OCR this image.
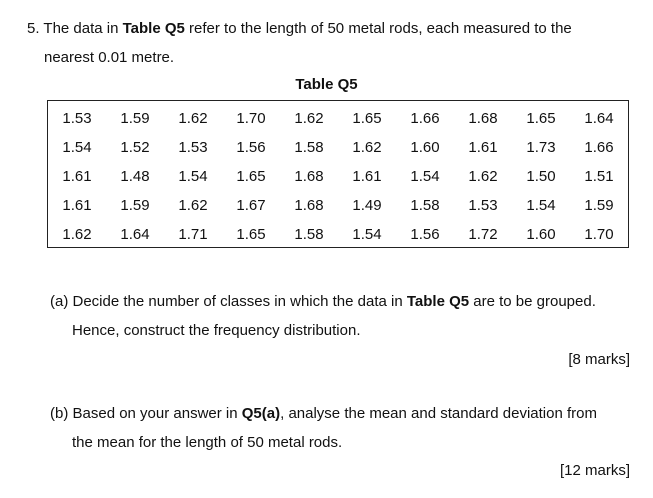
5. The data in Table Q5 refer to the length of 50 metal rods, each measured to the
nearest 0.01 metre.
Table Q5
1.53	1.59	1.62	1.70	1.62	1.65	1.66	1.68	1.65	1.64
1.54	1.52	1.53	1.56	1.58	1.62	1.60	1.61	1.73	1.66
1.61	1.48	1.54	1.65	1.68	1.61	1.54	1.62	1.50	1.51
1.61	1.59	1.62	1.67	1.68	1.49	1.58	1.53	1.54	1.59
1.62	1.64	1.71	1.65	1.58	1.54	1.56	1.72	1.60	1.70
(a) Decide the number of classes in which the data in Table Q5 are to be grouped.
Hence, construct the frequency distribution.
[8 marks]
(b) Based on your answer in Q5(a), analyse the mean and standard deviation from
the mean for the length of 50 metal rods.
[12 marks]
